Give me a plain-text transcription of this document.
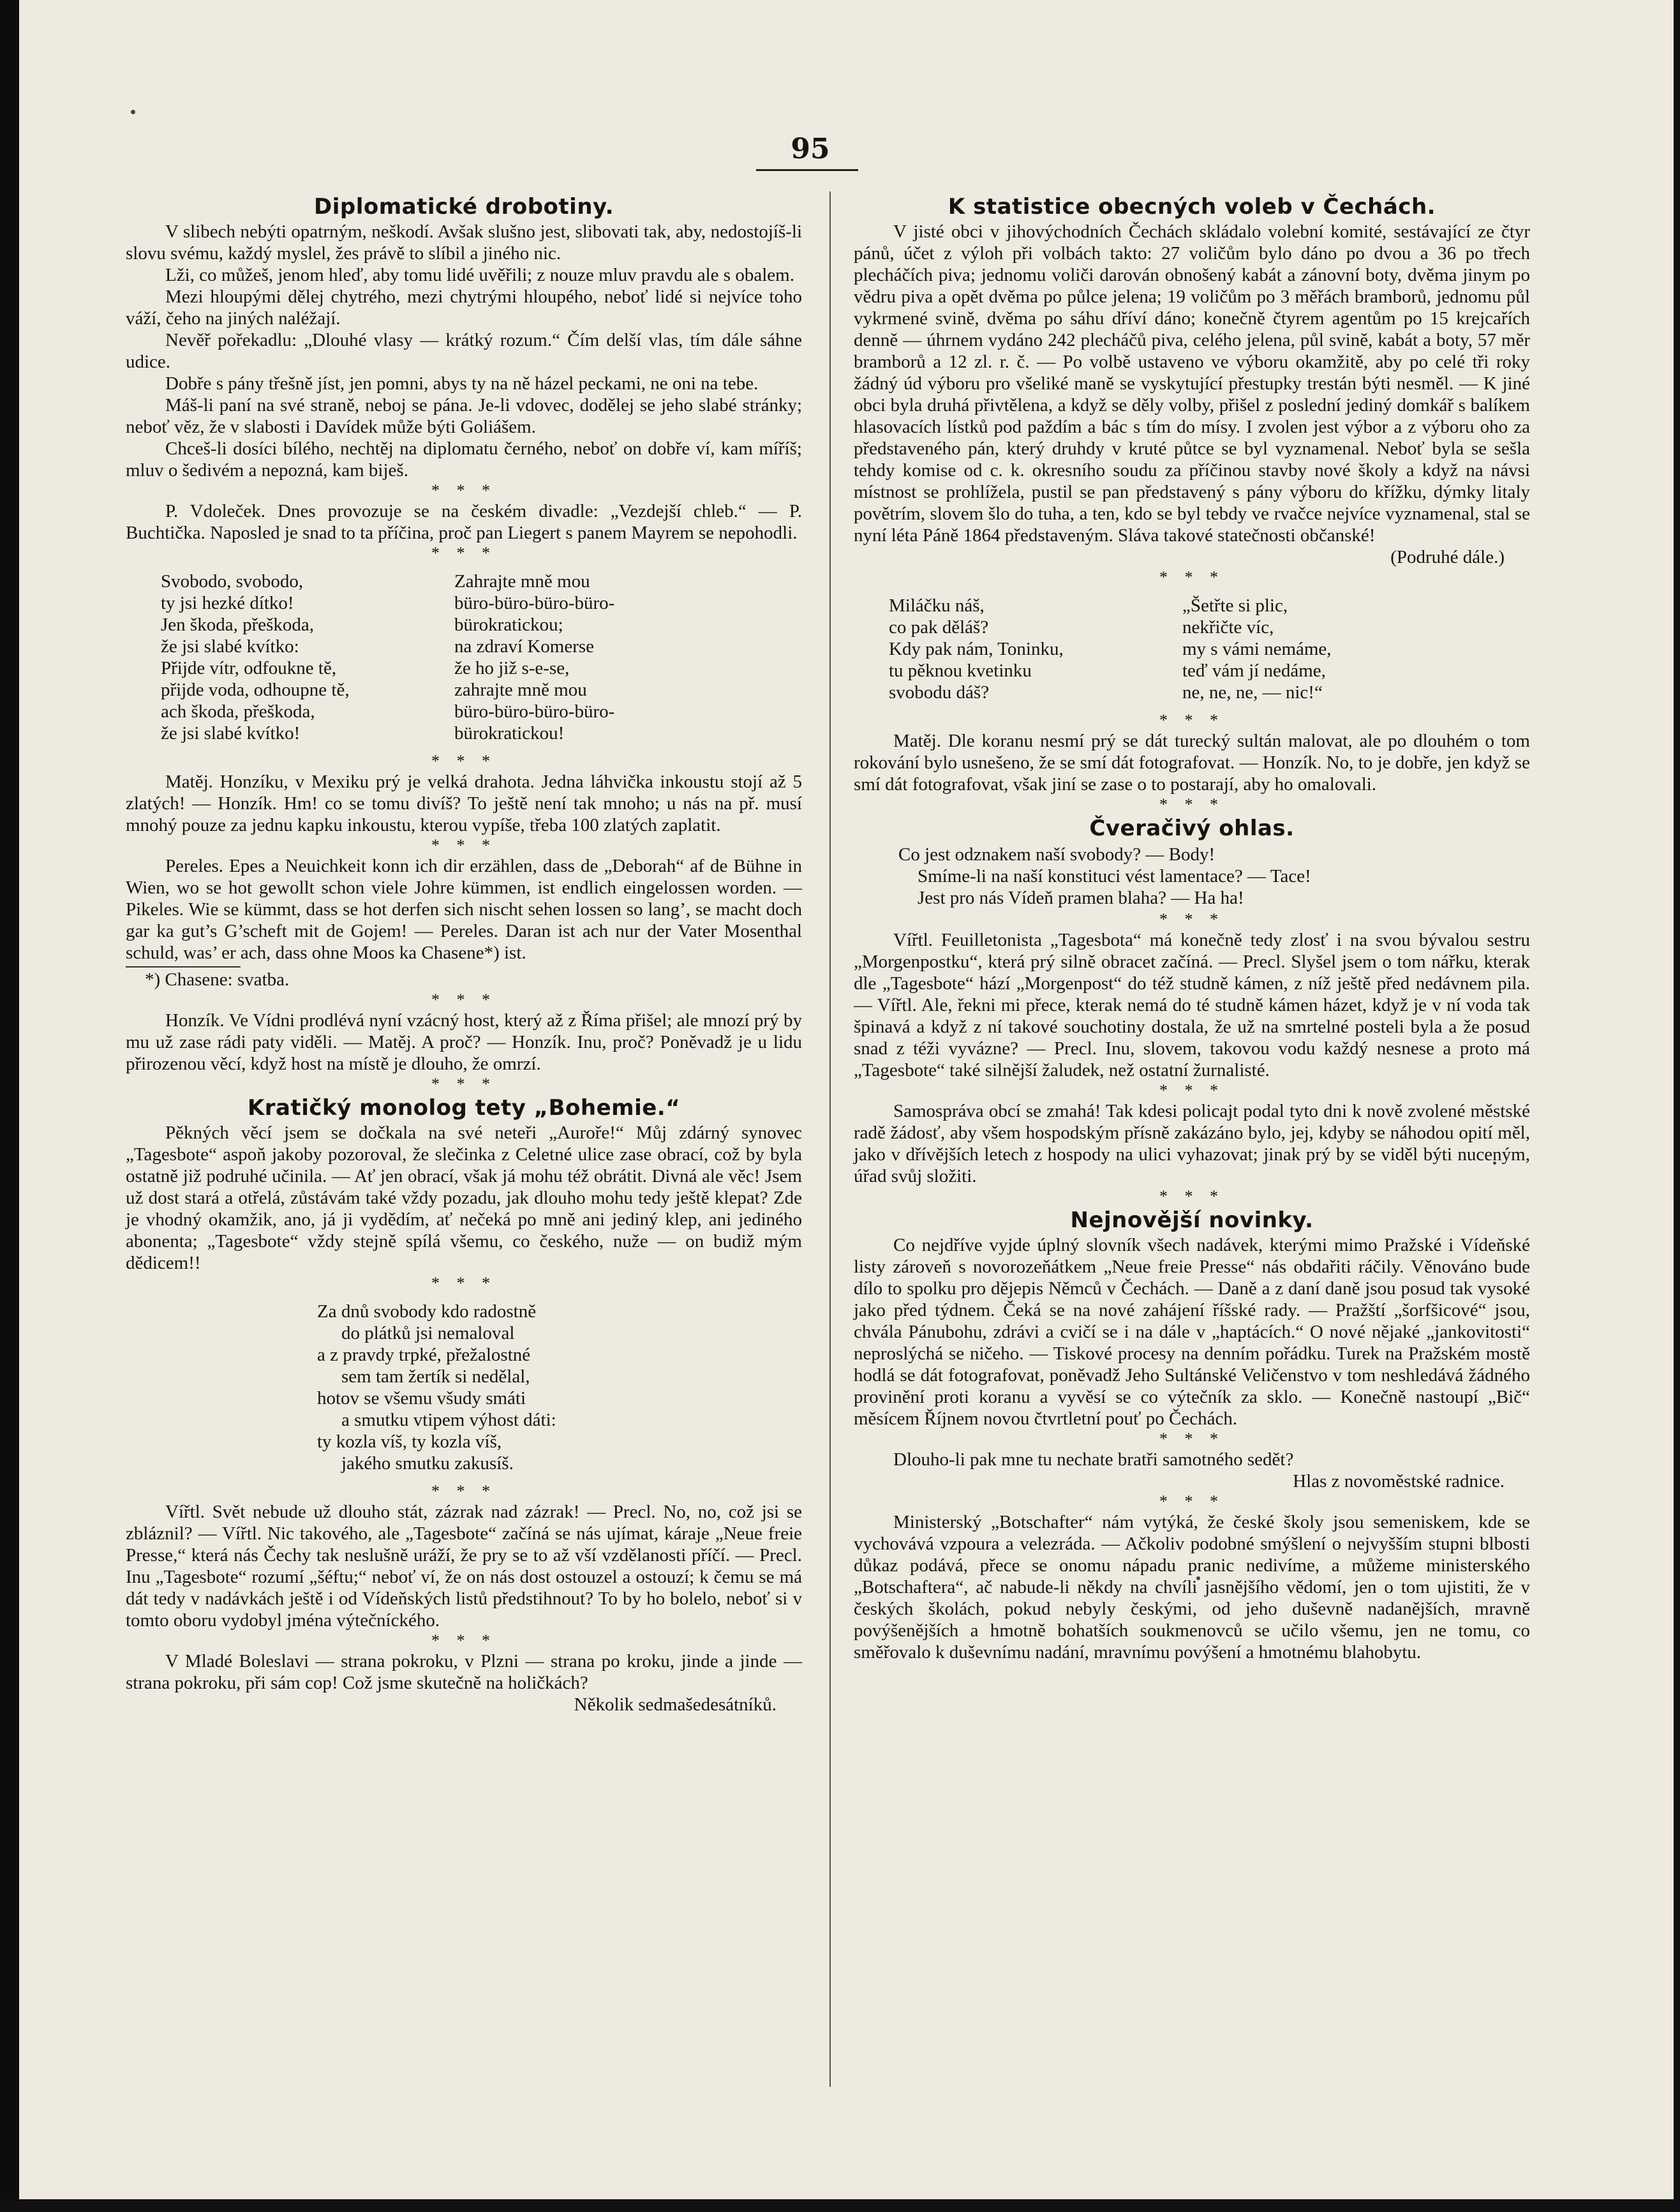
95
Diplomatické drobotiny.

V slibech nebýti opatrným, neškodí. Avšak slušno jest, slibovati tak, aby, nedostojíš-li slovu svému, každý myslel, žes právě to slíbil a jiného nic.

Lži, co můžeš, jenom hleď, aby tomu lidé uvěřili; z nouze mluv pravdu ale s obalem.

Mezi hloupými dělej chytrého, mezi chytrými hloupého, neboť lidé si nejvíce toho váží, čeho na jiných naléžají.

Nevěř pořekadlu: „Dlouhé vlasy — krátký rozum.“ Čím delší vlas, tím dále sáhne udice.

Dobře s pány třešně jíst, jen pomni, abys ty na ně házel peckami, ne oni na tebe.

Máš-li paní na své straně, neboj se pána. Je-li vdovec, dodělej se jeho slabé stránky; neboť věz, že v slabosti i Davídek může býti Goliášem.

Chceš-li dosíci bílého, nechtěj na diplomatu černého, neboť on dobře ví, kam míříš; mluv o šedivém a nepozná, kam biješ.

* * *

P. Vdoleček. Dnes provozuje se na českém divadle: „Vezdejší chleb.“ — P. Buchtička. Naposled je snad to ta příčina, proč pan Liegert s panem Mayrem se nepohodli.

* * *
Svobodo, svobodo,
ty jsi hezké dítko!
Jen škoda, přeškoda,
že jsi slabé kvítko:
Přijde vítr, odfoukne tě,
přijde voda, odhoupne tě,
ach škoda, přeškoda,
že jsi slabé kvítko!
Zahrajte mně mou
büro-büro-büro-büro-
bürokratickou;
na zdraví Komerse
že ho již s-e-se,
zahrajte mně mou
büro-büro-büro-büro-
bürokratickou!
* * *

Matěj. Honzíku, v Mexiku prý je velká drahota. Jedna láhvička inkoustu stojí až 5 zlatých! — Honzík. Hm! co se tomu divíš? To ještě není tak mnoho; u nás na př. musí mnohý pouze za jednu kapku inkoustu, kterou vypíše, třeba 100 zlatých zaplatit.

* * *

Pereles. Epes a Neuichkeit konn ich dir erzählen, dass de „Deborah“ af de Bühne in Wien, wo se hot gewollt schon viele Johre kümmen, ist endlich eingelossen worden. — Pikeles. Wie se kümmt, dass se hot derfen sich nischt sehen lossen so lang’, se macht doch gar ka gut’s G’scheft mit de Gojem! — Pereles. Daran ist ach nur der Vater Mosenthal schuld, was’ er ach, dass ohne Moos ka Chasene*) ist.

*) Chasene: svatba.
* * *

Honzík. Ve Vídni prodlévá nyní vzácný host, který až z Říma přišel; ale mnozí prý by mu už zase rádi paty viděli. — Matěj. A proč? — Honzík. Inu, proč? Poněvadž je u lidu přirozenou věcí, když host na místě je dlouho, že omrzí.

* * *
Kratičký monolog tety „Bohemie.“

Pěkných věcí jsem se dočkala na své neteři „Auroře!“ Můj zdárný synovec „Tagesbote“ aspoň jakoby pozoroval, že slečinka z Celetné ulice zase obrací, což by byla ostatně již podruhé učinila. — Ať jen obrací, však já mohu též obrátit. Divná ale věc! Jsem už dost stará a otřelá, zůstávám také vždy pozadu, jak dlouho mohu tedy ještě klepat? Zde je vhodný okamžik, ano, já ji vydědím, ať nečeká po mně ani jediný klep, ani jediného abonenta; „Tagesbote“ vždy stejně spílá všemu, co českého, nuže — on budiž mým dědicem!!

* * *
Za dnů svobody kdo radostně
do plátků jsi nemaloval
a z pravdy trpké, přežalostné
sem tam žertík si nedělal,
hotov se všemu všudy smáti
a smutku vtipem výhost dáti:
ty kozla víš, ty kozla víš,
jakého smutku zakusíš.
* * *

Vířtl. Svět nebude už dlouho stát, zázrak nad zázrak! — Precl. No, no, což jsi se zbláznil? — Vířtl. Nic takového, ale „Tagesbote“ začíná se nás ujímat, káraje „Neue freie Presse,“ která nás Čechy tak neslušně uráží, že pry se to až vší vzdělanosti příčí. — Precl. Inu „Tagesbote“ rozumí „šéftu;“ neboť ví, že on nás dost ostouzel a ostouzí; k čemu se má dát tedy v nadávkách ještě i od Vídeňských listů předstihnout? To by ho bolelo, neboť si v tomto oboru vydobyl jména výtečníckého.

* * *

V Mladé Boleslavi — strana pokroku, v Plzni — strana po kroku, jinde a jinde — strana pokroku, při sám cop! Což jsme skutečně na holičkách?

Několik sedmašedesátníků.
K statistice obecných voleb v Čechách.

V jisté obci v jihovýchodních Čechách skládalo volební komité, sestávající ze čtyr pánů, účet z výloh při volbách takto: 27 voličům bylo dáno po dvou a 36 po třech plecháčích piva; jednomu voliči darován obnošený kabát a zánovní boty, dvěma jinym po vědru piva a opět dvěma po půlce jelena; 19 voličům po 3 měřách bramborů, jednomu půl vykrmené svině, dvěma po sáhu dříví dáno; konečně čtyrem agentům po 15 krejcařích denně — úhrnem vydáno 242 plecháčů piva, celého jelena, půl svině, kabát a boty, 57 měr bramborů a 12 zl. r. č. — Po volbě ustaveno ve výboru okamžitě, aby po celé tři roky žádný úd výboru pro všeliké maně se vyskytující přestupky trestán býti nesměl. — K jiné obci byla druhá přivtělena, a když se děly volby, přišel z poslední jediný domkář s balíkem hlasovacích lístků pod paždím a bác s tím do mísy. I zvolen jest výbor a z výboru oho za představeného pán, který druhdy v kruté půtce se byl vyznamenal. Neboť byla se sešla tehdy komise od c. k. okresního soudu za příčinou stavby nové školy a když na návsi místnost se prohlížela, pustil se pan představený s pány výboru do křížku, dýmky litaly povětrím, slovem šlo do tuha, a ten, kdo se byl tebdy ve rvačce nejvíce vyznamenal, stal se nyní léta Páně 1864 představeným. Sláva takové statečnosti občanské!

(Podruhé dále.)
* * *
Miláčku náš,
co pak děláš?
Kdy pak nám, Toninku,
tu pěknou kvetinku
svobodu dáš?
„Šetřte si plic,
nekřičte víc,
my s vámi nemáme,
teď vám jí nedáme,
ne, ne, ne, — nic!“
* * *

Matěj. Dle koranu nesmí prý se dát turecký sultán malovat, ale po dlouhém o tom rokování bylo usnešeno, že se smí dát fotografovat. — Honzík. No, to je dobře, jen když se smí dát fotografovat, však jiní se zase o to postarají, aby ho omalovali.

* * *
Čveračivý ohlas.
Co jest odznakem naší svobody? — Body!
Smíme-li na naší konstituci vést lamentace? — Tace!
Jest pro nás Vídeň pramen blaha? — Ha ha!
* * *

Vířtl. Feuilletonista „Tagesbota“ má konečně tedy zlosť i na svou bývalou sestru „Morgenpostku“, která prý silně obracet začíná. — Precl. Slyšel jsem o tom nářku, kterak dle „Tagesbote“ hází „Morgenpost“ do též studně kámen, z níž ještě před nedávnem pila. — Vířtl. Ale, řekni mi přece, kterak nemá do té studně kámen házet, když je v ní voda tak špinavá a když z ní takové souchotiny dostala, že už na smrtelné posteli byla a že posud snad z téži vyváznе? — Precl. Inu, slovem, takovou vodu každý nesnese a proto má „Tagesbote“ také silnější žaludek, než ostatní žurnalisté.

* * *

Samospráva obcí se zmahá! Tak kdesi policajt podal tyto dni k nově zvolené městské radě žádosť, aby všem hospodským přísně zakázáno bylo, jej, kdyby se náhodou opití měl, jako v dřívějších letech z hospody na ulici vyhazovat; jinak prý by se viděl býti nuceným, úřad svůj složiti.

* * *
Nejnovější novinky.

Co nejdříve vyjde úplný slovník všech nadávek, kterými mimo Pražské i Vídeňské listy zároveň s novorozeňátkem „Neue freie Presse“ nás obdařiti ráčily. Věnováno bude dílo to spolku pro dějepis Němců v Čechách. — Daně a z daní daně jsou posud tak vysoké jako před týdnem. Čeká se na nové zahájení říšské rady. — Pražští „šorfšicové“ jsou, chvála Pánubohu, zdrávi a cvičí se i na dále v „haptácích.“ O nové nějaké „jankovitosti“ neproslýchá se ničeho. — Tiskové procesy na denním pořádku. Turek na Pražském mostě hodlá se dát fotografovat, poněvadž Jeho Sultánské Veličenstvo v tom neshledává žádného provinění proti koranu a vyvěsí se co výtečník za sklo. — Konečně nastoupí „Bič“ měsícem Říjnem novou čtvrtletní pouť po Čechách.

* * *

Dlouho-li pak mne tu nechate bratři samotného sedět?

Hlas z novoměstské radnice.
* * *

Ministerský „Botschafter“ nám vytýká, že české školy jsou semeniskem, kde se vychovává vzpoura a velezráda. — Ačkoliv podobné smýšlení o nejvyšším stupni blbosti důkaz podává, přece se onomu nápadu pranic nedivíme, a můžeme ministerského „Botschaftera“, ač nabude-li někdy na chvíli jasnějšího vědomí, jen o tom ujistiti, že v českých školách, pokud nebyly českými, od jeho duševně nadanějších, mravně povýšenějších a hmotně bohatších soukmenovců se učilo všemu, jen ne tomu, co směřovalo k duševnímu nadání, mravnímu povýšení a hmotnému blahobytu.
